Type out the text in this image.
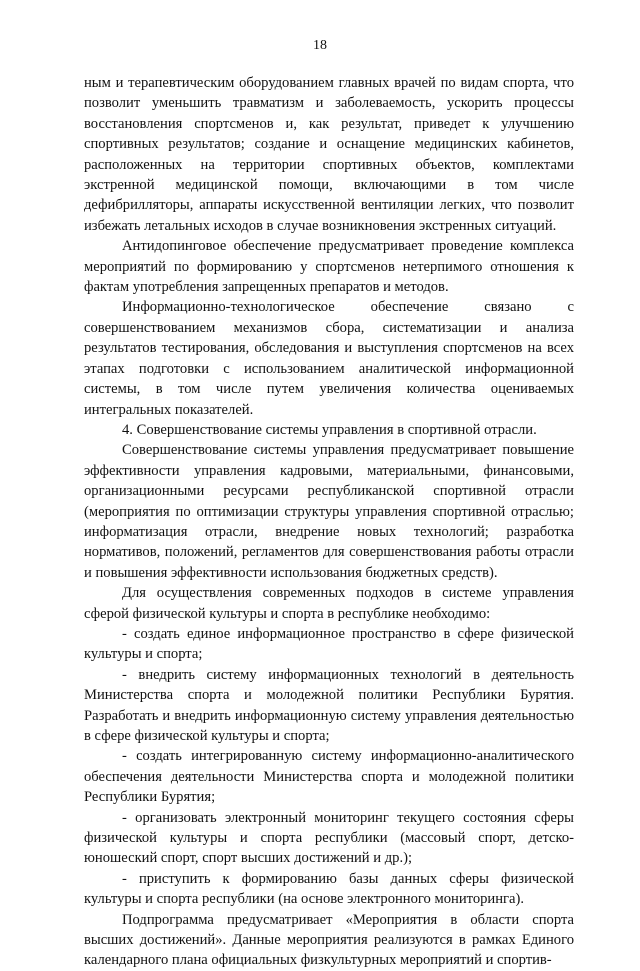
18

ным и терапевтическим оборудованием главных врачей по видам спорта, что позволит уменьшить травматизм и заболеваемость, ускорить процессы восстановления спортсменов и, как результат, приведет к улучшению спортивных результатов; создание и оснащение медицинских кабинетов, расположенных на территории спортивных объектов, комплектами экстренной медицинской помощи, включающими в том числе дефибрилляторы, аппараты искусственной вентиляции легких, что позволит избежать летальных исходов в случае возникновения экстренных ситуаций.

Антидопинговое обеспечение предусматривает проведение комплекса мероприятий по формированию у спортсменов нетерпимого отношения к фактам употребления запрещенных препаратов и методов.

Информационно-технологическое обеспечение связано с совершенствованием механизмов сбора, систематизации и анализа результатов тестирования, обследования и выступления спортсменов на всех этапах подготовки с использованием аналитической информационной системы, в том числе путем увеличения количества оцениваемых интегральных показателей.

4. Совершенствование системы управления в спортивной отрасли.

Совершенствование системы управления предусматривает повышение эффективности управления кадровыми, материальными, финансовыми, организационными ресурсами республиканской спортивной отрасли (мероприятия по оптимизации структуры управления спортивной отраслью; информатизация отрасли, внедрение новых технологий; разработка нормативов, положений, регламентов для совершенствования работы отрасли и повышения эффективности использования бюджетных средств).

Для осуществления современных подходов в системе управления сферой физической культуры и спорта в республике необходимо:

- создать единое информационное пространство в сфере физической культуры и спорта;

- внедрить систему информационных технологий в деятельность Министерства спорта и молодежной политики Республики Бурятия. Разработать и внедрить информационную систему управления деятельностью в сфере физической культуры и спорта;

- создать интегрированную систему информационно-аналитического обеспечения деятельности Министерства спорта и молодежной политики Республики Бурятия;

- организовать электронный мониторинг текущего состояния сферы физической культуры и спорта республики (массовый спорт, детско-юношеский спорт, спорт высших достижений и др.);

- приступить к формированию базы данных сферы физической культуры и спорта республики (на основе электронного мониторинга).

Подпрограмма предусматривает «Мероприятия в области спорта высших достижений». Данные мероприятия реализуются в рамках Единого календарного плана официальных физкультурных мероприятий и спортив-
